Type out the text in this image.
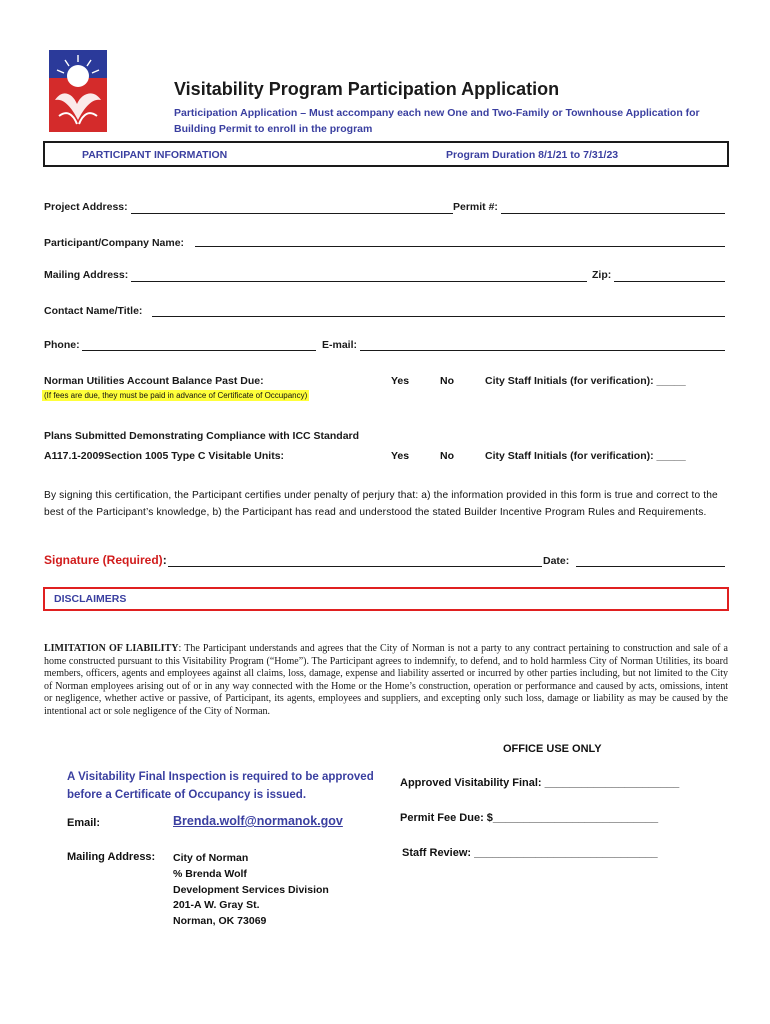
Visitability Program Participation Application
Participation Application – Must accompany each new One and Two-Family or Townhouse Application for Building Permit to enroll in the program
PARTICIPANT INFORMATION	Program Duration 8/1/21 to 7/31/23
Project Address:	Permit #:
Participant/Company Name:
Mailing Address:	Zip:
Contact Name/Title:
Phone:	E-mail:
Norman Utilities Account Balance Past Due:	Yes	No	City Staff Initials (for verification): _____
(If fees are due, they must be paid in advance of Certificate of Occupancy)
Plans Submitted Demonstrating Compliance with ICC Standard
A117.1-2009Section 1005 Type C Visitable Units:	Yes	No	City Staff Initials (for verification): _____
By signing this certification, the Participant certifies under penalty of perjury that: a) the information provided in this form is true and correct to the best of the Participant’s knowledge, b) the Participant has read and understood the stated Builder Incentive Program Rules and Requirements.
Signature (Required):	Date:
DISCLAIMERS
LIMITATION OF LIABILITY: The Participant understands and agrees that the City of Norman is not a party to any contract pertaining to construction and sale of a home constructed pursuant to this Visitability Program (“Home”). The Participant agrees to indemnify, to defend, and to hold harmless City of Norman Utilities, its board members, officers, agents and employees against all claims, loss, damage, expense and liability asserted or incurred by other parties including, but not limited to the City of Norman employees arising out of or in any way connected with the Home or the Home’s construction, operation or performance and caused by acts, omissions, intent or negligence, whether active or passive, of Participant, its agents, employees and suppliers, and excepting only such loss, damage or liability as may be caused by the intentional act or sole negligence of the City of Norman.
OFFICE USE ONLY
A Visitability Final Inspection is required to be approved before a Certificate of Occupancy is issued.
Approved Visitability Final: ______________________
Permit Fee Due: $___________________________
Staff Review: ______________________________
Email:	Brenda.wolf@normanok.gov
Mailing Address: City of Norman
% Brenda Wolf
Development Services Division
201-A W. Gray St.
Norman, OK 73069
